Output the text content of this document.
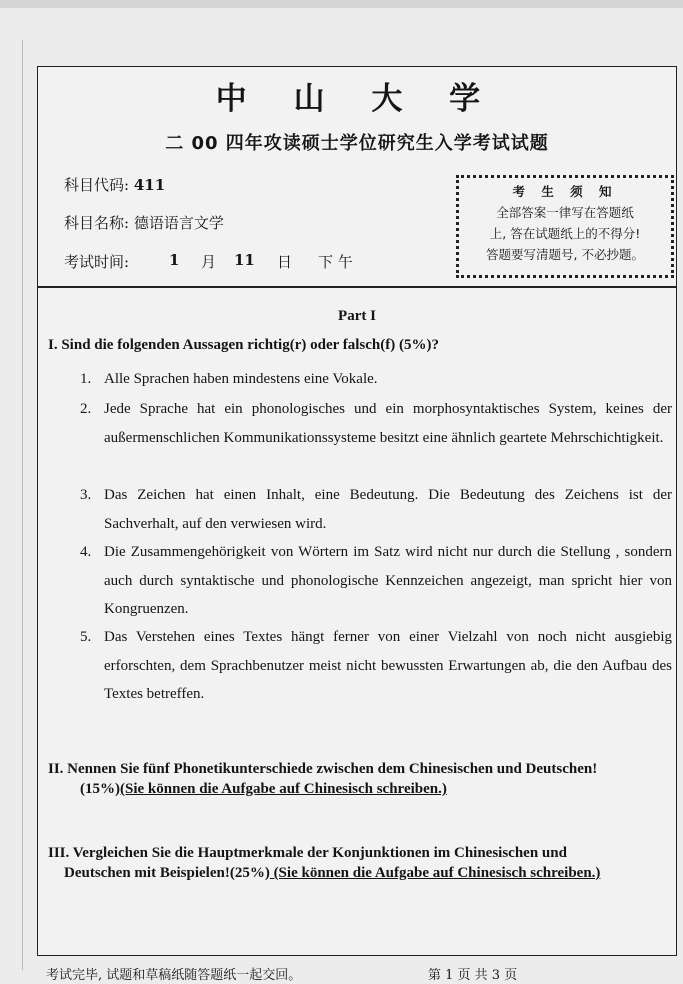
中 山 大 学
二 00 四年攻读硕士学位研究生入学考试试题
科目代码: 411
科目名称: 德语语言文学
考试时间:	1 月 11 日 下 午
考 生 须 知
全部答案一律写在答题纸
上, 答在试题纸上的不得分!
答题要写清题号, 不必抄题。
Part I
I. Sind die folgenden Aussagen richtig(r) oder falsch(f) (5%)?
1. Alle Sprachen haben mindestens eine Vokale.
2. Jede Sprache hat ein phonologisches und ein morphosyntaktisches System, keines der außermenschlichen Kommunikationssysteme besitzt eine ähnlich geartete Mehrschichtigkeit.
3. Das Zeichen hat einen Inhalt, eine Bedeutung. Die Bedeutung des Zeichens ist der Sachverhalt, auf den verwiesen wird.
4. Die Zusammengehörigkeit von Wörtern im Satz wird nicht nur durch die Stellung , sondern auch durch syntaktische und phonologische Kennzeichen angezeigt, man spricht hier von Kongruenzen.
5. Das Verstehen eines Textes hängt ferner von einer Vielzahl von noch nicht ausgiebig erforschten, dem Sprachbenutzer meist nicht bewussten Erwartungen ab, die den Aufbau des Textes betreffen.
II. Nennen Sie fünf Phonetikunterschiede zwischen dem Chinesischen und Deutschen!
(15%)(Sie können die Aufgabe auf Chinesisch schreiben.)
III. Vergleichen Sie die Hauptmerkmale der Konjunktionen im Chinesischen und
Deutschen mit Beispielen!(25%) (Sie können die Aufgabe auf Chinesisch schreiben.)
考试完毕, 试题和草稿纸随答题纸一起交回。	第 1 页 共 3 页
